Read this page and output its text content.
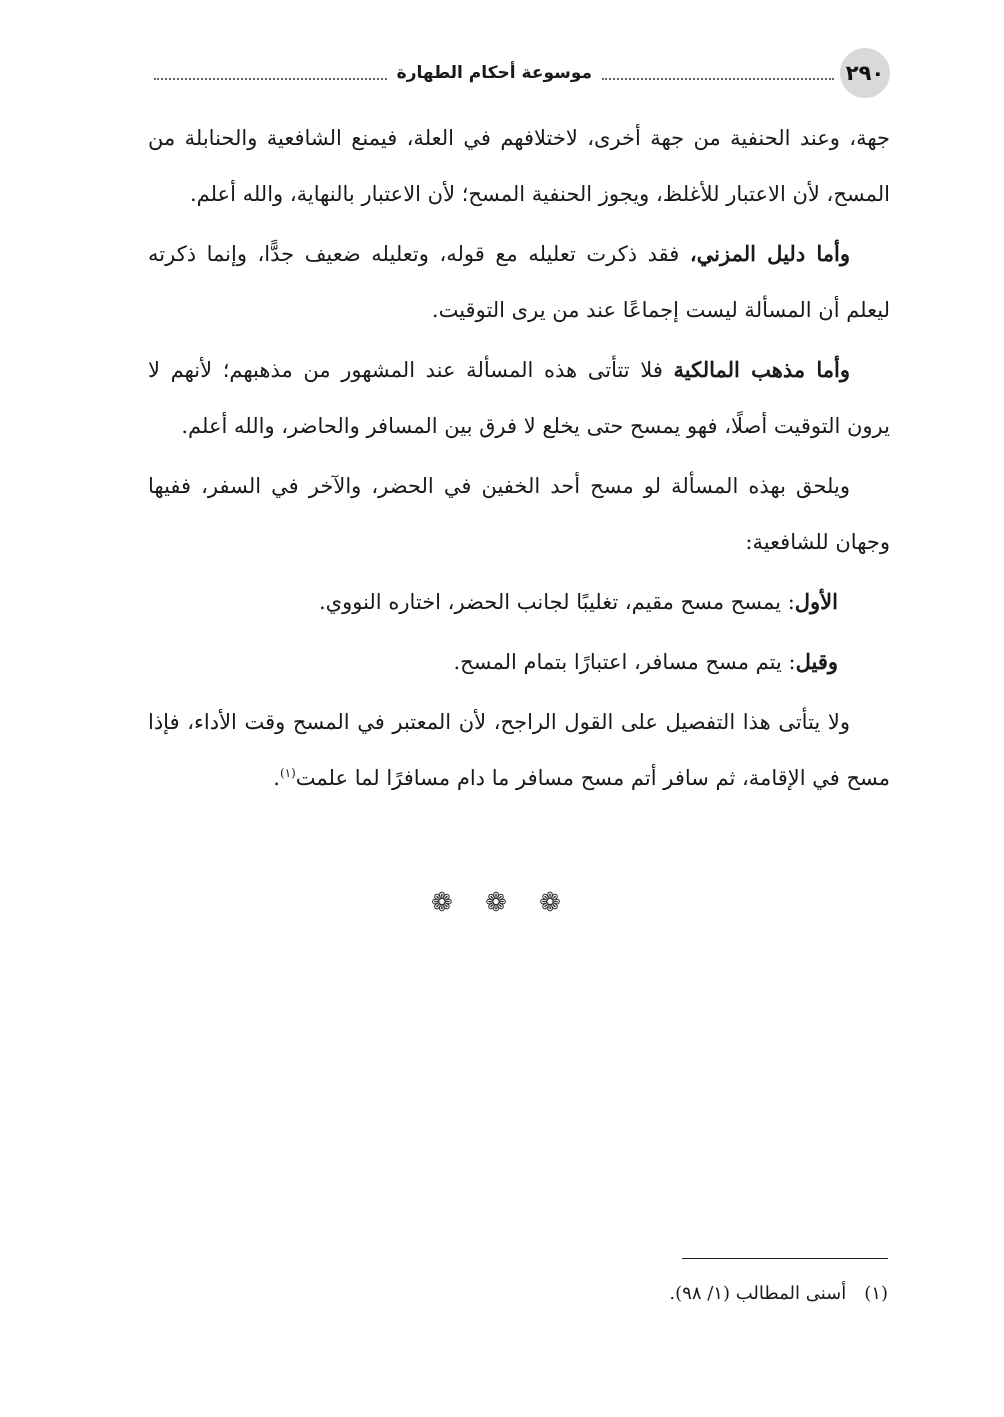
٢٩٠
موسوعة أحكام الطهارة

جهة، وعند الحنفية من جهة أخرى، لاختلافهم في العلة، فيمنع الشافعية والحنابلة من المسح، لأن الاعتبار للأغلظ، ويجوز الحنفية المسح؛ لأن الاعتبار بالنهاية، والله أعلم.

وأما دليل المزني، فقد ذكرت تعليله مع قوله، وتعليله ضعيف جدًّا، وإنما ذكرته ليعلم أن المسألة ليست إجماعًا عند من يرى التوقيت.

وأما مذهب المالكية فلا تتأتى هذه المسألة عند المشهور من مذهبهم؛ لأنهم لا يرون التوقيت أصلًا، فهو يمسح حتى يخلع لا فرق بين المسافر والحاضر، والله أعلم.

ويلحق بهذه المسألة لو مسح أحد الخفين في الحضر، والآخر في السفر، ففيها وجهان للشافعية:

الأول: يمسح مسح مقيم، تغليبًا لجانب الحضر، اختاره النووي.

وقيل: يتم مسح مسافر، اعتبارًا بتمام المسح.

ولا يتأتى هذا التفصيل على القول الراجح، لأن المعتبر في المسح وقت الأداء، فإذا مسح في الإقامة، ثم سافر أتم مسح مسافر ما دام مسافرًا لما علمت$^{(١)}$.

❁ ❁ ❁
(١)أسنى المطالب (١/ ٩٨).
